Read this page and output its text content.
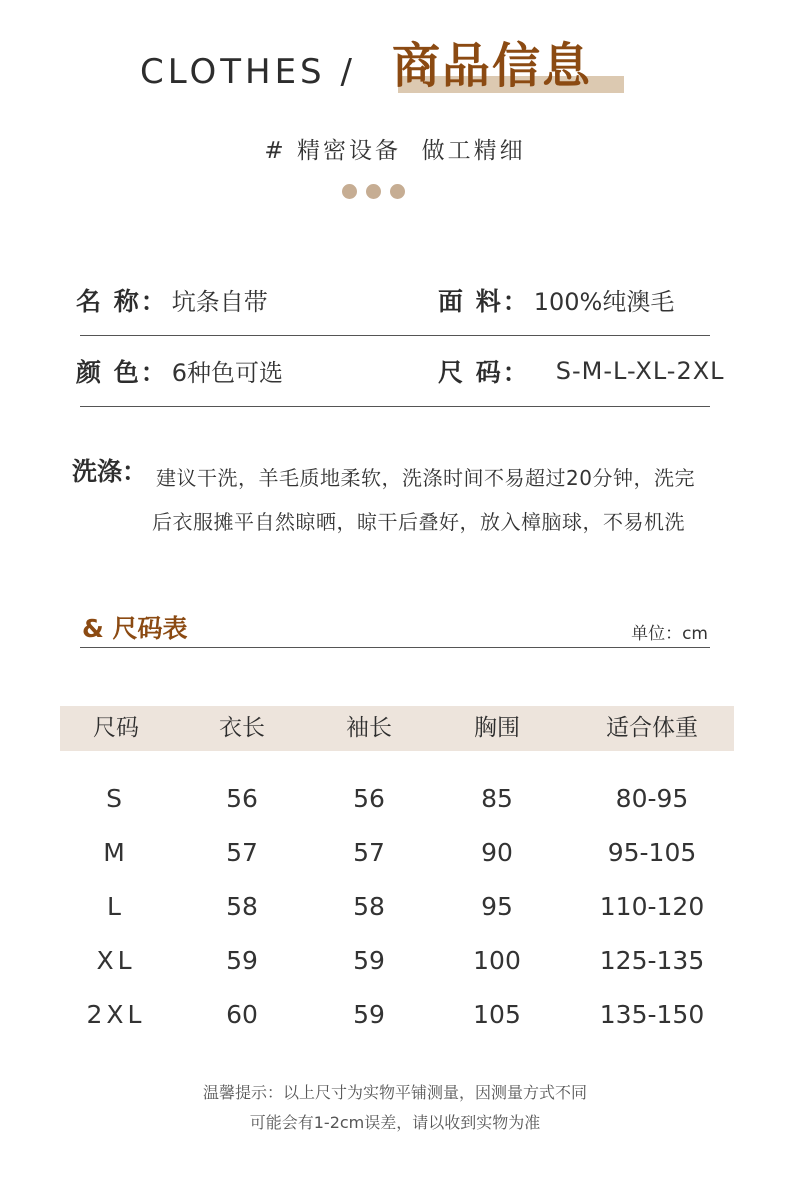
CLOTHES / 商品信息
# 精密设备  做工精细
名 称 ： 坑条自带	面 料 ： 100%纯澳毛
颜 色 ： 6种色可选	尺 码 ： S-M-L-XL-2XL
洗涤： 建议干洗，羊毛质地柔软，洗涤时间不易超过20分钟，洗完
后衣服摊平自然晾晒，晾干后叠好，放入樟脑球，不易机洗
& 尺码表	单位：cm
尺码	衣长	袖长	胸围	适合体重
S	56	56	85	80-95
M	57	57	90	95-105
L	58	58	95	110-120
XL	59	59	100	125-135
2XL	60	59	105	135-150
温馨提示：以上尺寸为实物平铺测量，因测量方式不同
可能会有1-2cm误差，请以收到实物为准
